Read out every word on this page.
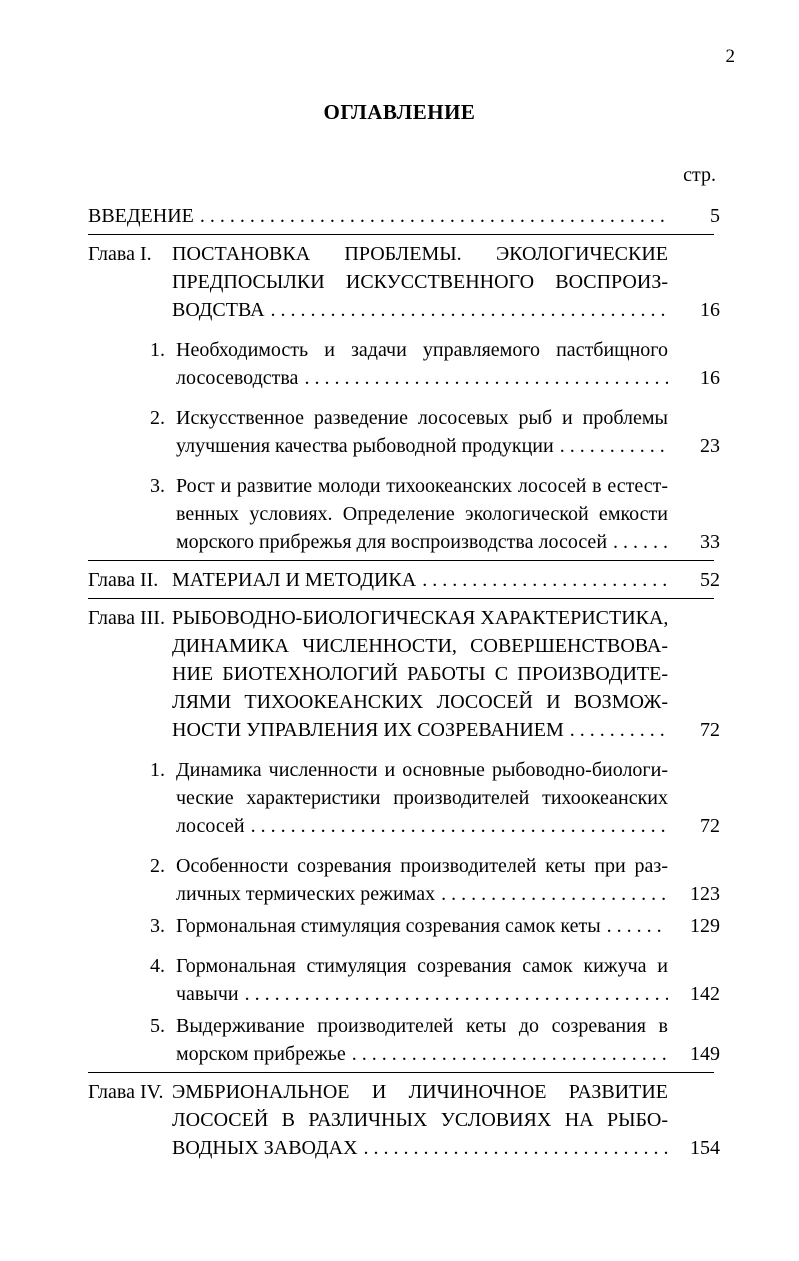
2
ОГЛАВЛЕНИЕ
стр.
ВВЕДЕНИЕ . . .	5
Глава I. ПОСТАНОВКА ПРОБЛЕМЫ. ЭКОЛОГИЧЕСКИЕ
ПРЕДПОСЫЛКИ ИСКУССТВЕННОГО ВОСПРОИЗ-
ВОДСТВА . . .	16
1. Необходимость и задачи управляемого пастбищного
лососеводства . . .	16
2. Искусственное разведение лососевых рыб и проблемы
улучшения качества рыбоводной продукции . . .	23
3. Рост и развитие молоди тихоокеанских лососей в естест-
венных условиях. Определение экологической емкости
морского прибрежья для воспроизводства лососей . . .	33
Глава II. МАТЕРИАЛ И МЕТОДИКА . . .	52
Глава III. РЫБОВОДНО-БИОЛОГИЧЕСКАЯ ХАРАКТЕРИСТИКА,
ДИНАМИКА ЧИСЛЕННОСТИ, СОВЕРШЕНСТВОВА-
НИЕ БИОТЕХНОЛОГИЙ РАБОТЫ С ПРОИЗВОДИТЕ-
ЛЯМИ ТИХООКЕАНСКИХ ЛОСОСЕЙ И ВОЗМОЖ-
НОСТИ УПРАВЛЕНИЯ ИХ СОЗРЕВАНИЕМ . . .	72
1. Динамика численности и основные рыбоводно-биологи-
ческие характеристики производителей тихоокеанских
лососей . . .	72
2. Особенности созревания производителей кеты при раз-
личных термических режимах . . .	123
3. Гормональная стимуляция созревания самок кеты . . .	129
4. Гормональная стимуляция созревания самок кижуча и
чавычи . . .	142
5. Выдерживание производителей кеты до созревания в
морском прибрежье . . .	149
Глава IV. ЭМБРИОНАЛЬНОЕ И ЛИЧИНОЧНОЕ РАЗВИТИЕ
ЛОСОСЕЙ В РАЗЛИЧНЫХ УСЛОВИЯХ НА РЫБО-
ВОДНЫХ ЗАВОДАХ . . .	154
